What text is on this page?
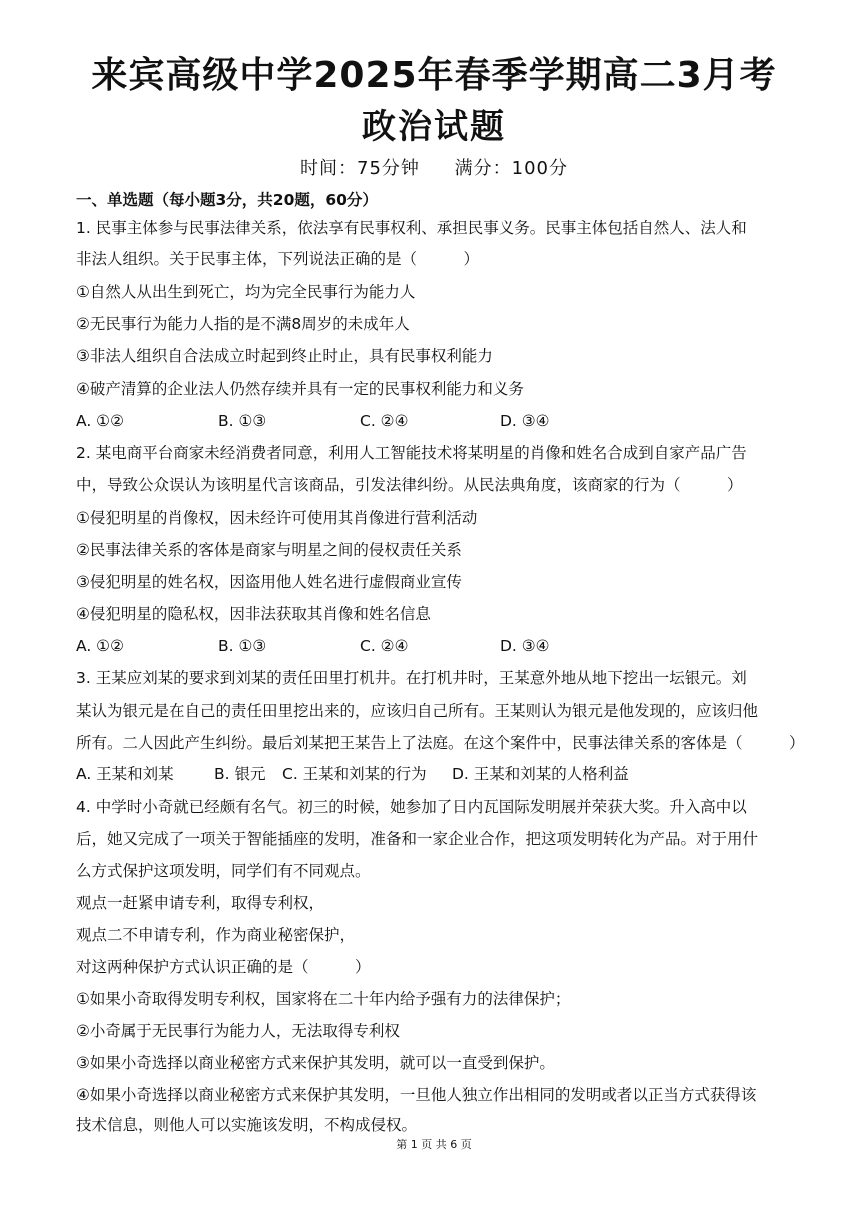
来宾高级中学2025年春季学期高二3月考
政治试题
时间：75分钟 满分：100分
一、单选题（每小题3分，共20题，60分）
1. 民事主体参与民事法律关系，依法享有民事权利、承担民事义务。民事主体包括自然人、法人和
非法人组织。关于民事主体，下列说法正确的是（　　　）
①自然人从出生到死亡，均为完全民事行为能力人
②无民事行为能力人指的是不满8周岁的未成年人
③非法人组织自合法成立时起到终止时止，具有民事权利能力
④破产清算的企业法人仍然存续并具有一定的民事权利能力和义务
A. ①②	B. ①③	C. ②④	D. ③④
2. 某电商平台商家未经消费者同意，利用人工智能技术将某明星的肖像和姓名合成到自家产品广告
中，导致公众误认为该明星代言该商品，引发法律纠纷。从民法典角度，该商家的行为（　　　）
①侵犯明星的肖像权，因未经许可使用其肖像进行营利活动
②民事法律关系的客体是商家与明星之间的侵权责任关系
③侵犯明星的姓名权，因盗用他人姓名进行虚假商业宣传
④侵犯明星的隐私权，因非法获取其肖像和姓名信息
A. ①②	B. ①③	C. ②④	D. ③④
3. 王某应刘某的要求到刘某的责任田里打机井。在打机井时，王某意外地从地下挖出一坛银元。刘
某认为银元是在自己的责任田里挖出来的，应该归自己所有。王某则认为银元是他发现的，应该归他
所有。二人因此产生纠纷。最后刘某把王某告上了法庭。在这个案件中，民事法律关系的客体是（　　　）
A. 王某和刘某	B. 银元 C. 王某和刘某的行为 D. 王某和刘某的人格利益
4. 中学时小奇就已经颇有名气。初三的时候，她参加了日内瓦国际发明展并荣获大奖。升入高中以
后，她又完成了一项关于智能插座的发明，准备和一家企业合作，把这项发明转化为产品。对于用什
么方式保护这项发明，同学们有不同观点。
观点一赶紧申请专利，取得专利权，
观点二不申请专利，作为商业秘密保护，
对这两种保护方式认识正确的是（　　　）
①如果小奇取得发明专利权，国家将在二十年内给予强有力的法律保护；
②小奇属于无民事行为能力人，无法取得专利权
③如果小奇选择以商业秘密方式来保护其发明，就可以一直受到保护。
④如果小奇选择以商业秘密方式来保护其发明，一旦他人独立作出相同的发明或者以正当方式获得该
技术信息，则他人可以实施该发明，不构成侵权。
第 1 页 共 6 页
